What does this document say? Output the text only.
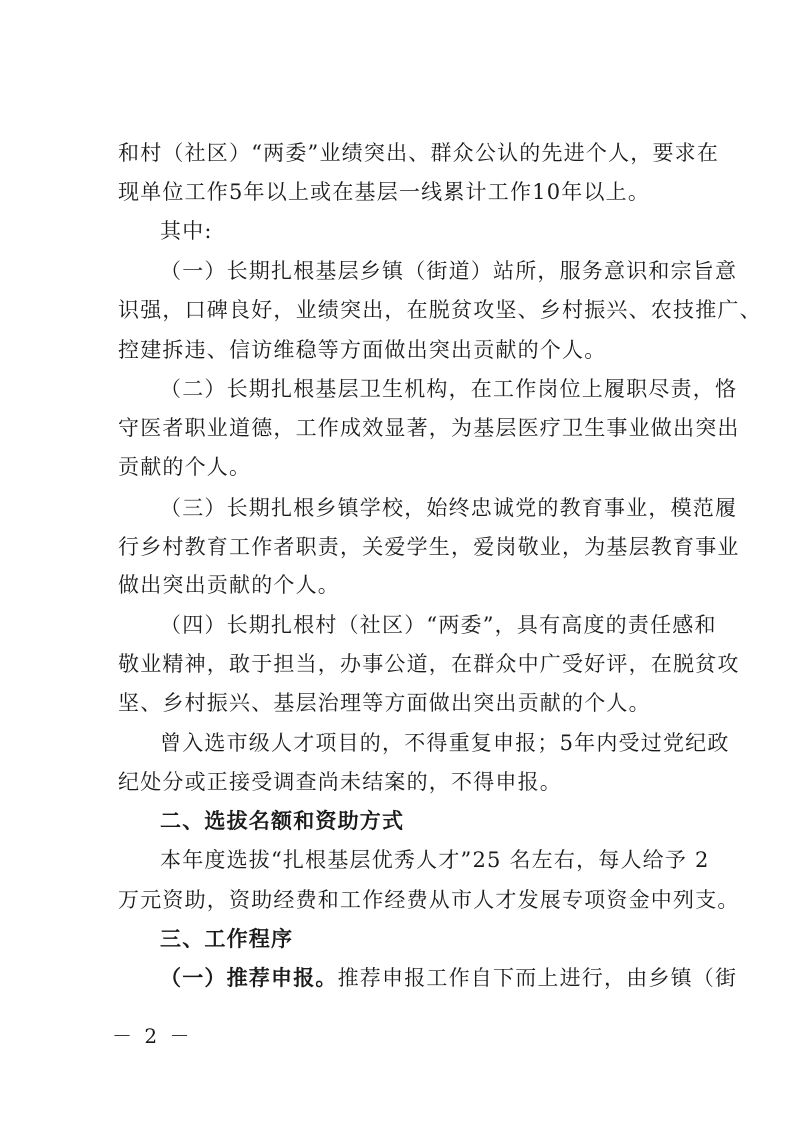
和村（社区）“两委”业绩突出、群众公认的先进个人，要求在
现单位工作5年以上或在基层一线累计工作10年以上。
其中:
（一）长期扎根基层乡镇（街道）站所，服务意识和宗旨意
识强，口碑良好，业绩突出，在脱贫攻坚、乡村振兴、农技推广、
控建拆违、信访维稳等方面做出突出贡献的个人。
（二）长期扎根基层卫生机构，在工作岗位上履职尽责，恪
守医者职业道德，工作成效显著，为基层医疗卫生事业做出突出
贡献的个人。
（三）长期扎根乡镇学校，始终忠诚党的教育事业，模范履
行乡村教育工作者职责，关爱学生，爱岗敬业，为基层教育事业
做出突出贡献的个人。
（四）长期扎根村（社区）“两委”，具有高度的责任感和
敬业精神，敢于担当，办事公道，在群众中广受好评，在脱贫攻
坚、乡村振兴、基层治理等方面做出突出贡献的个人。
曾入选市级人才项目的，不得重复申报；5年内受过党纪政
纪处分或正接受调查尚未结案的，不得申报。
二、选拔名额和资助方式
本年度选拔“扎根基层优秀人才”25 名左右，每人给予 2
万元资助，资助经费和工作经费从市人才发展专项资金中列支。
三、工作程序
（一）推荐申报。推荐申报工作自下而上进行，由乡镇（街
－ 2 －
